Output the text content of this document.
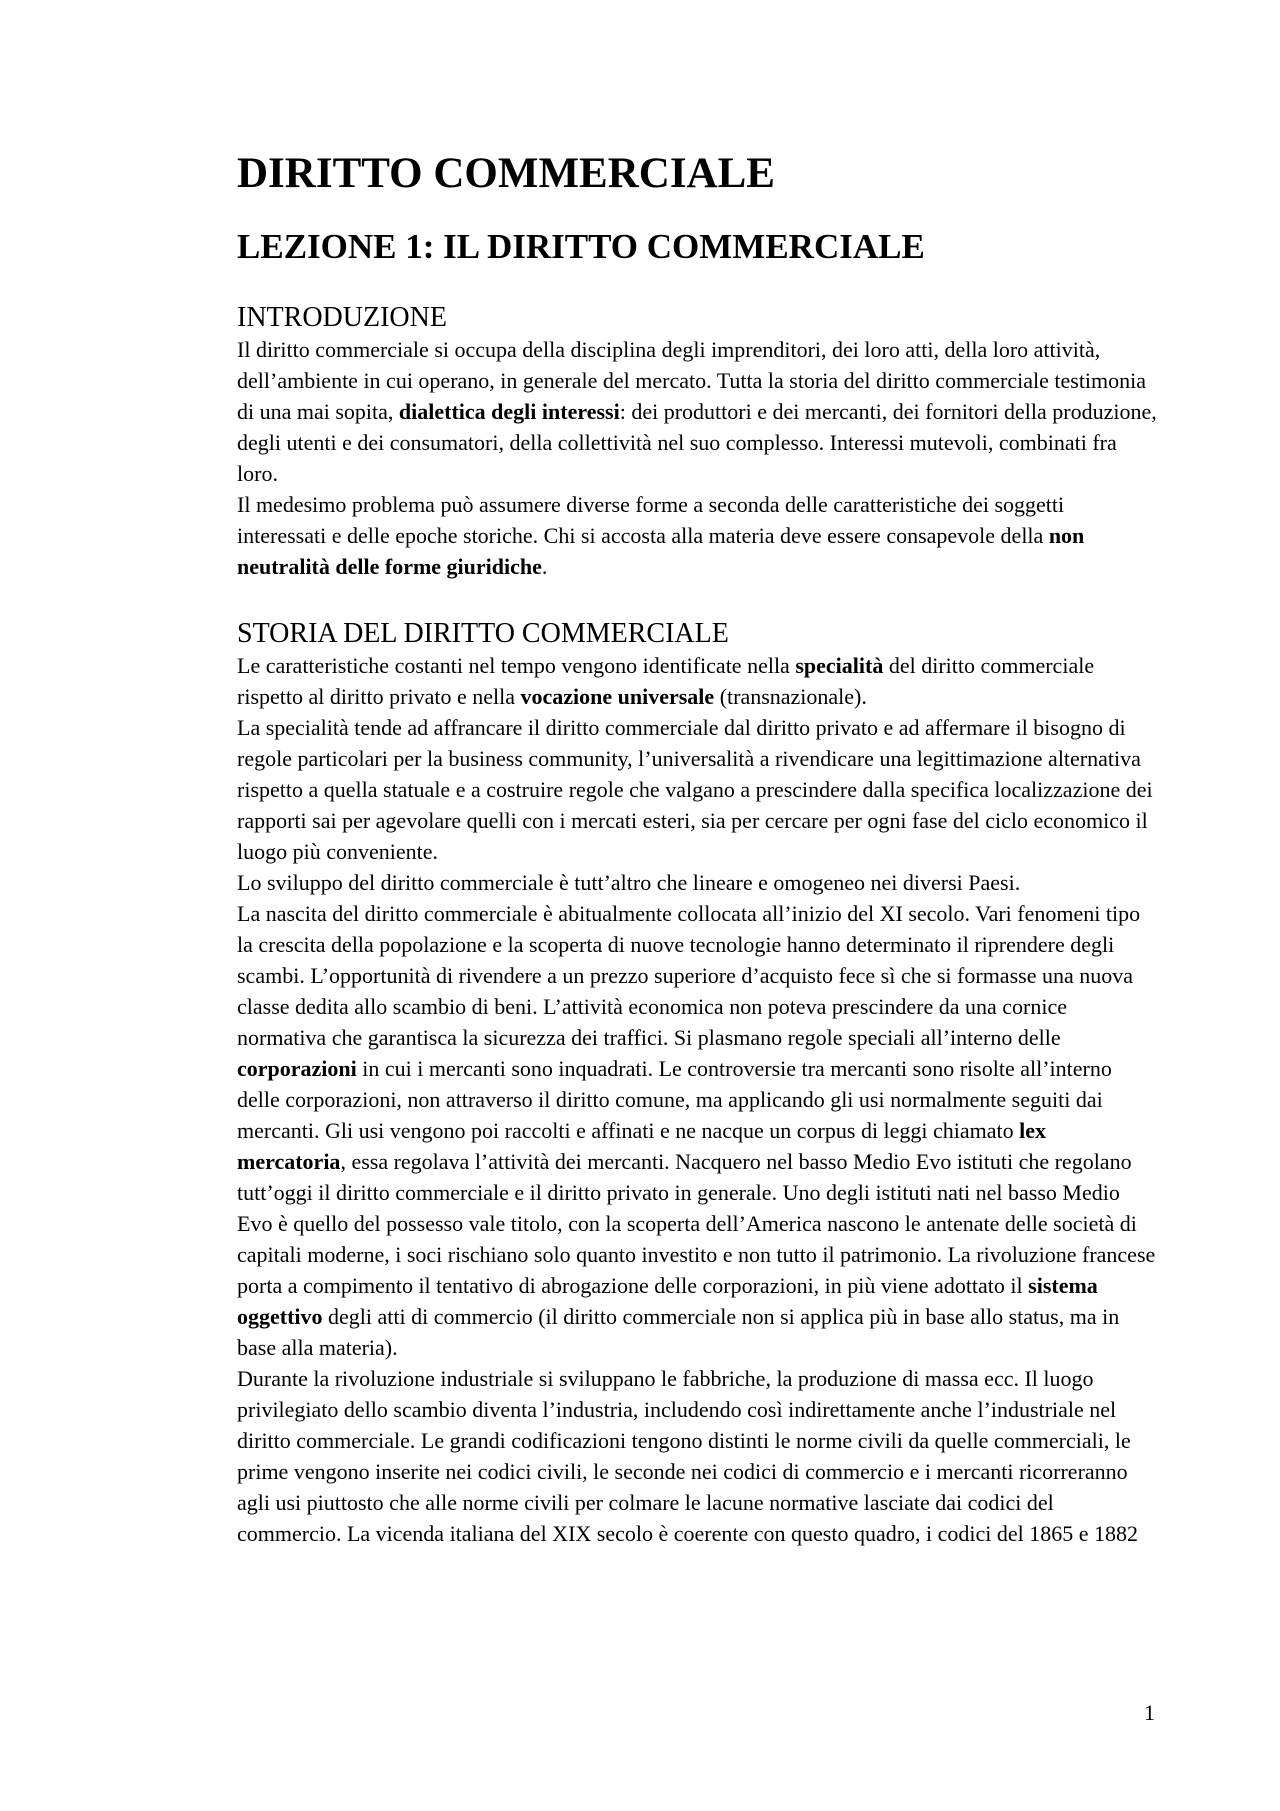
DIRITTO COMMERCIALE
LEZIONE 1: IL DIRITTO COMMERCIALE
INTRODUZIONE

Il diritto commerciale si occupa della disciplina degli imprenditori, dei loro atti, della loro attività, dell’ambiente in cui operano, in generale del mercato. Tutta la storia del diritto commerciale testimonia di una mai sopita, dialettica degli interessi: dei produttori e dei mercanti, dei fornitori della produzione, degli utenti e dei consumatori, della collettività nel suo complesso. Interessi mutevoli, combinati fra loro.

Il medesimo problema può assumere diverse forme a seconda delle caratteristiche dei soggetti interessati e delle epoche storiche. Chi si accosta alla materia deve essere consapevole della non neutralità delle forme giuridiche.

STORIA DEL DIRITTO COMMERCIALE

Le caratteristiche costanti nel tempo vengono identificate nella specialità del diritto commerciale rispetto al diritto privato e nella vocazione universale (transnazionale).

La specialità tende ad affrancare il diritto commerciale dal diritto privato e ad affermare il bisogno di regole particolari per la business community, l’universalità a rivendicare una legittimazione alternativa rispetto a quella statuale e a costruire regole che valgano a prescindere dalla specifica localizzazione dei rapporti sai per agevolare quelli con i mercati esteri, sia per cercare per ogni fase del ciclo economico il luogo più conveniente.

Lo sviluppo del diritto commerciale è tutt’altro che lineare e omogeneo nei diversi Paesi.

La nascita del diritto commerciale è abitualmente collocata all’inizio del XI secolo. Vari fenomeni tipo la crescita della popolazione e la scoperta di nuove tecnologie hanno determinato il riprendere degli scambi. L’opportunità di rivendere a un prezzo superiore d’acquisto fece sì che si formasse una nuova classe dedita allo scambio di beni. L’attività economica non poteva prescindere da una cornice normativa che garantisca la sicurezza dei traffici. Si plasmano regole speciali all’interno delle corporazioni in cui i mercanti sono inquadrati. Le controversie tra mercanti sono risolte all’interno delle corporazioni, non attraverso il diritto comune, ma applicando gli usi normalmente seguiti dai mercanti. Gli usi vengono poi raccolti e affinati e ne nacque un corpus di leggi chiamato lex mercatoria, essa regolava l’attività dei mercanti. Nacquero nel basso Medio Evo istituti che regolano tutt’oggi il diritto commerciale e il diritto privato in generale. Uno degli istituti nati nel basso Medio Evo è quello del possesso vale titolo, con la scoperta dell’America nascono le antenate delle società di capitali moderne, i soci rischiano solo quanto investito e non tutto il patrimonio. La rivoluzione francese porta a compimento il tentativo di abrogazione delle corporazioni, in più viene adottato il sistema oggettivo degli atti di commercio (il diritto commerciale non si applica più in base allo status, ma in base alla materia).

Durante la rivoluzione industriale si sviluppano le fabbriche, la produzione di massa ecc. Il luogo privilegiato dello scambio diventa l’industria, includendo così indirettamente anche l’industriale nel diritto commerciale. Le grandi codificazioni tengono distinti le norme civili da quelle commerciali, le prime vengono inserite nei codici civili, le seconde nei codici di commercio e i mercanti ricorreranno agli usi piuttosto che alle norme civili per colmare le lacune normative lasciate dai codici del commercio. La vicenda italiana del XIX secolo è coerente con questo quadro, i codici del 1865 e 1882

1
